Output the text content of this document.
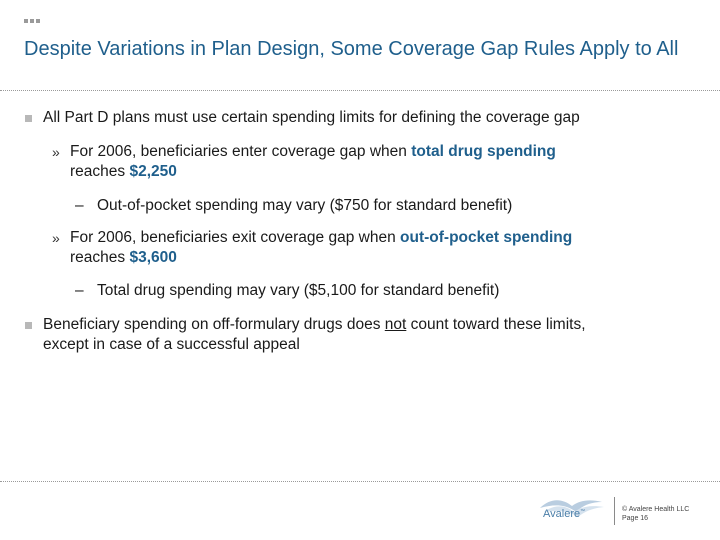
Despite Variations in Plan Design, Some Coverage Gap Rules Apply to All
All Part D plans must use certain spending limits for defining the coverage gap
» For 2006, beneficiaries enter coverage gap when total drug spending
reaches $2,250
– Out-of-pocket spending may vary ($750 for standard benefit)
» For 2006, beneficiaries exit coverage gap when out-of-pocket spending
reaches $3,600
– Total drug spending may vary ($5,100 for standard benefit)
Beneficiary spending on off-formulary drugs does not count toward these limits,
except in case of a successful appeal
Avalere™	© Avalere Health LLC
Page 16
